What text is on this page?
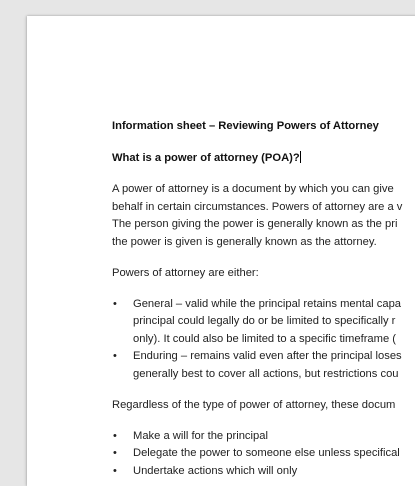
Information sheet – Reviewing Powers of Attorney
What is a power of attorney (POA)?
A power of attorney is a document by which you can give
behalf in certain circumstances. Powers of attorney are a v
The person giving the power is generally known as the pri
the power is given is generally known as the attorney.
Powers of attorney are either:
• General – valid while the principal retains mental capa
principal could legally do or be limited to specifically r
only). It could also be limited to a specific timeframe (
• Enduring – remains valid even after the principal loses
generally best to cover all actions, but restrictions cou
Regardless of the type of power of attorney, these docum
• Make a will for the principal
• Delegate the power to someone else unless specifical
• Undertake actions which will only
